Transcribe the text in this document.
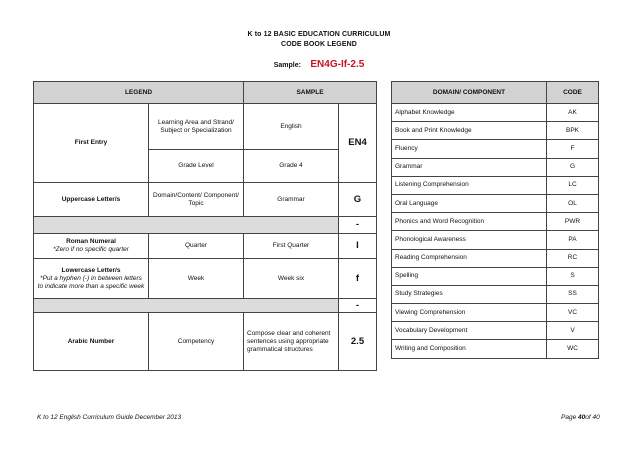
K to 12 BASIC EDUCATION CURRICULUM
CODE BOOK LEGEND
Sample: EN4G-If-2.5
LEGEND		SAMPLE	
First Entry	Learning Area and Strand/ Subject or Specialization	English	EN4
	Grade Level	Grade 4	
Uppercase Letter/s	Domain/Content/ Component/ Topic	Grammar	G
			-
Roman Numeral
*Zero if no specific quarter	Quarter	First Quarter	I
Lowercase Letter/s
*Put a hyphen (-) in between letters to indicate more than a specific week	Week	Week six	f
			-
Arabic Number	Competency	Compose clear and coherent sentences using appropriate grammatical structures	2.5
DOMAIN/ COMPONENT	CODE
Alphabet Knowledge	AK
Book and Print Knowledge	BPK
Fluency	F
Grammar	G
Listening Comprehension	LC
Oral Language	OL
Phonics and Word Recognition	PWR
Phonological Awareness	PA
Reading Comprehension	RC
Spelling	S
Study Strategies	SS
Viewing Comprehension	VC
Vocabulary Development	V
Writing and Composition	WC
K to 12 English Curriculum Guide December 2013	Page 40of 40
